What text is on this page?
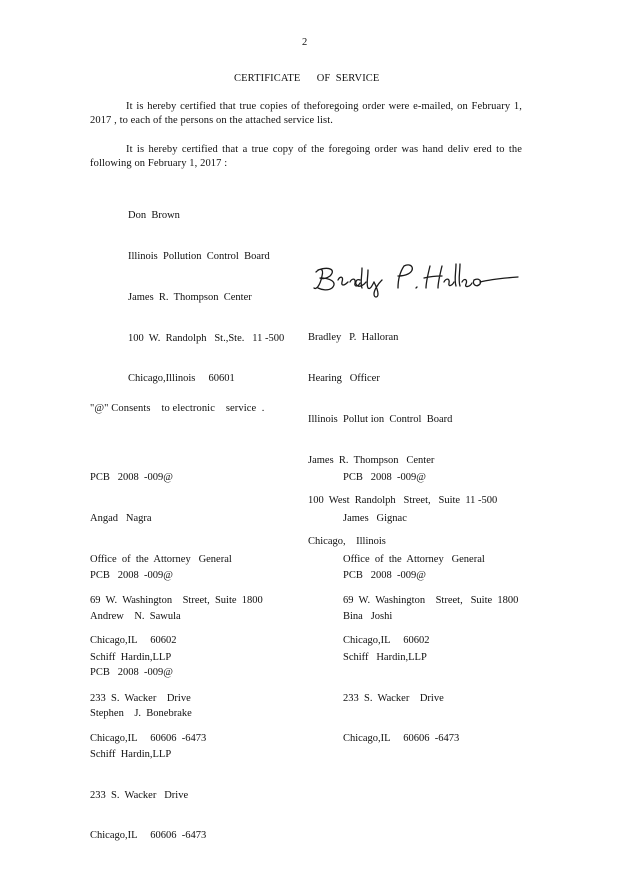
2
CERTIFICATE      OF  SERVICE
It is hereby certified that true copies of theforegoing order were e-mailed, on February 1, 2017 , to each of the persons on the attached service list.
It is hereby certified that a true copy of the foregoing order was hand deliv ered to the following on February 1, 2017 :

Don  Brown

Illinois  Pollution  Control  Board

James  R.  Thompson  Center

100  W.  Randolph   St.,Ste.   11 -500

Chicago,Illinois     60601

Bradley   P.  Halloran

Hearing   Officer

Illinois  Pollut ion  Control  Board

James  R.  Thompson   Center

100  West  Randolph   Street,   Suite  11 -500

Chicago,    Illinois

"@" Consents    to electronic    service  .

PCB   2008  -009@

Angad   Nagra

Office  of  the  Attorney   General

69  W.  Washington    Street,  Suite  1800

Chicago,IL     60602

PCB   2008  -009@

James   Gignac

Office  of  the  Attorney   General

69  W.  Washington    Street,   Suite  1800

Chicago,IL     60602

PCB   2008  -009@

Andrew    N.  Sawula

Schiff  Hardin,LLP

233  S.  Wacker    Drive

Chicago,IL     60606  -6473

PCB   2008  -009@

Bina   Joshi

Schiff   Hardin,LLP

233  S.  Wacker    Drive

Chicago,IL     60606  -6473

PCB   2008  -009@

Stephen    J.  Bonebrake

Schiff  Hardin,LLP

233  S.  Wacker   Drive

Chicago,IL     60606  -6473
